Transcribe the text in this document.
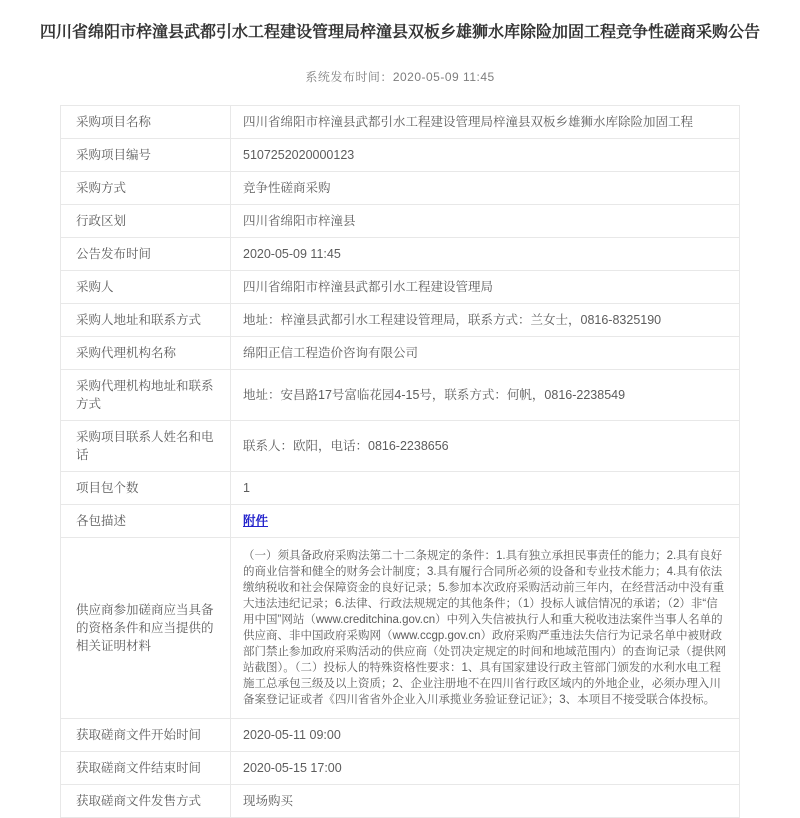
四川省绵阳市梓潼县武都引水工程建设管理局梓潼县双板乡雄狮水库除险加固工程竞争性磋商采购公告
系统发布时间：2020-05-09 11:45
采购项目名称	四川省绵阳市梓潼县武都引水工程建设管理局梓潼县双板乡雄狮水库除险加固工程
采购项目编号	5107252020000123
采购方式	竞争性磋商采购
行政区划	四川省绵阳市梓潼县
公告发布时间	2020-05-09 11:45
采购人	四川省绵阳市梓潼县武都引水工程建设管理局
采购人地址和联系方式	地址：梓潼县武都引水工程建设管理局，联系方式：兰女士，0816-8325190
采购代理机构名称	绵阳正信工程造价咨询有限公司
采购代理机构地址和联系方式	地址：安昌路17号富临花园4-15号，联系方式：何帆，0816-2238549
采购项目联系人姓名和电话	联系人：欧阳，电话：0816-2238656
项目包个数	1
各包描述	附件
供应商参加磋商应当具备的资格条件和应当提供的相关证明材料	（一）须具备政府采购法第二十二条规定的条件：1.具有独立承担民事责任的能力；2.具有良好的商业信誉和健全的财务会计制度；3.具有履行合同所必须的设备和专业技术能力；4.具有依法缴纳税收和社会保障资金的良好记录；5.参加本次政府采购活动前三年内，在经营活动中没有重大违法违纪记录；6.法律、行政法规规定的其他条件；（1）投标人诚信情况的承诺；（2）非“信用中国”网站（www.creditchina.gov.cn）中列入失信被执行人和重大税收违法案件当事人名单的供应商、非中国政府采购网（www.ccgp.gov.cn）政府采购严重违法失信行为记录名单中被财政部门禁止参加政府采购活动的供应商（处罚决定规定的时间和地域范围内）的查询记录（提供网站截图）。（二）投标人的特殊资格性要求：1、具有国家建设行政主管部门颁发的水利水电工程施工总承包三级及以上资质；2、企业注册地不在四川省行政区域内的外地企业，必须办理入川备案登记证或者《四川省省外企业入川承揽业务验证登记证》；3、本项目不接受联合体投标。
获取磋商文件开始时间	2020-05-11 09:00
获取磋商文件结束时间	2020-05-15 17:00
获取磋商文件发售方式	现场购买
